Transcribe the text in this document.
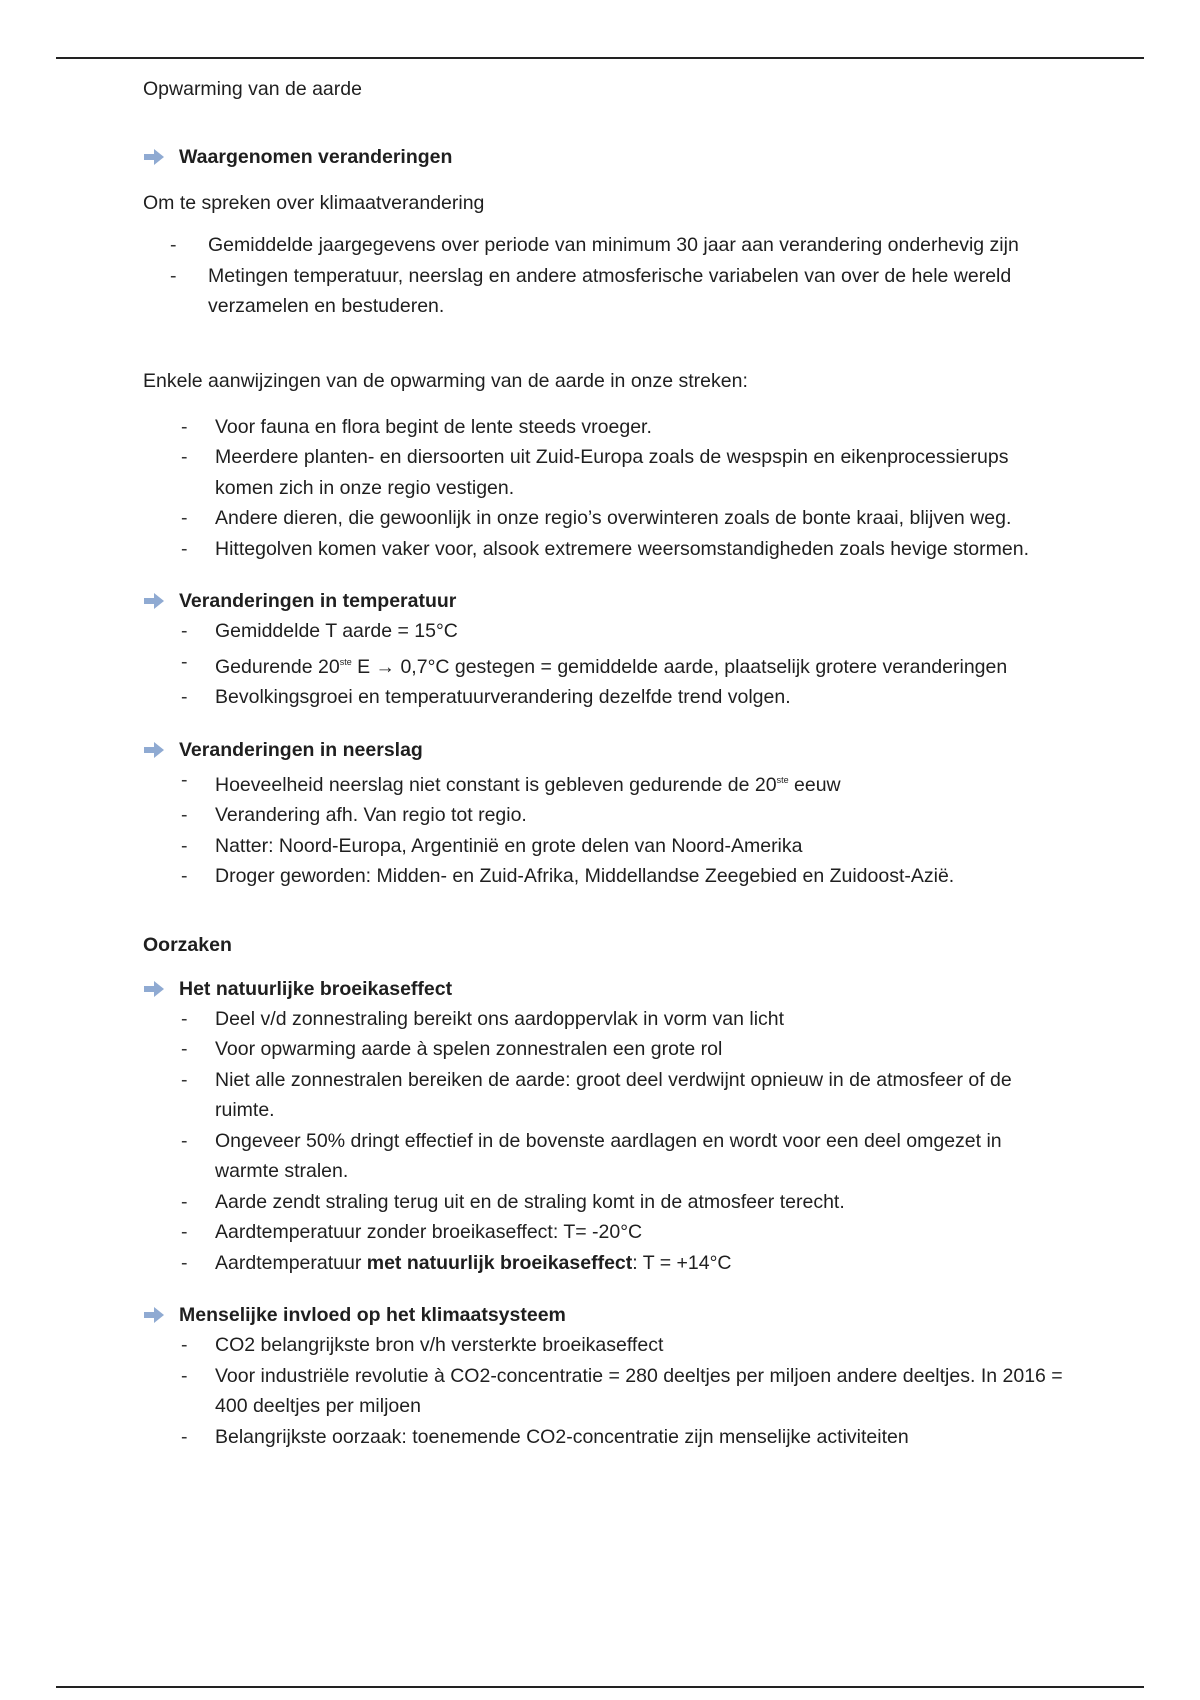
Opwarming van de aarde
Waargenomen veranderingen

Om te spreken over klimaatverandering

- Gemiddelde jaargegevens over periode van minimum 30 jaar aan verandering onderhevig zijn
- Metingen temperatuur, neerslag en andere atmosferische variabelen van over de hele wereld verzamelen en bestuderen.

Enkele aanwijzingen van de opwarming van de aarde in onze streken:

- Voor fauna en flora begint de lente steeds vroeger.
- Meerdere planten- en diersoorten uit Zuid-Europa zoals de wespspin en eikenprocessierups komen zich in onze regio vestigen.
- Andere dieren, die gewoonlijk in onze regio’s overwinteren zoals de bonte kraai, blijven weg.
- Hittegolven komen vaker voor, alsook extremere weersomstandigheden zoals hevige stormen.
Veranderingen in temperatuur
- Gemiddelde T aarde = 15°C
- Gedurende 20ste E → 0,7°C gestegen = gemiddelde aarde, plaatselijk grotere veranderingen
- Bevolkingsgroei en temperatuurverandering dezelfde trend volgen.
Veranderingen in neerslag
- Hoeveelheid neerslag niet constant is gebleven gedurende de 20ste eeuw
- Verandering afh. Van regio tot regio.
- Natter: Noord-Europa, Argentinië en grote delen van Noord-Amerika
- Droger geworden: Midden- en Zuid-Afrika, Middellandse Zeegebied en Zuidoost-Azië.
Oorzaken
Het natuurlijke broeikaseffect
- Deel v/d zonnestraling bereikt ons aardoppervlak in vorm van licht
- Voor opwarming aarde à spelen zonnestralen een grote rol
- Niet alle zonnestralen bereiken de aarde: groot deel verdwijnt opnieuw in de atmosfeer of de ruimte.
- Ongeveer 50% dringt effectief in de bovenste aardlagen en wordt voor een deel omgezet in warmte stralen.
- Aarde zendt straling terug uit en de straling komt in de atmosfeer terecht.
- Aardtemperatuur zonder broeikaseffect: T= -20°C
- Aardtemperatuur met natuurlijk broeikaseffect: T = +14°C
Menselijke invloed op het klimaatsysteem
- CO2 belangrijkste bron v/h versterkte broeikaseffect
- Voor industriële revolutie à CO2-concentratie = 280 deeltjes per miljoen andere deeltjes. In 2016 = 400 deeltjes per miljoen
- Belangrijkste oorzaak: toenemende CO2-concentratie zijn menselijke activiteiten
